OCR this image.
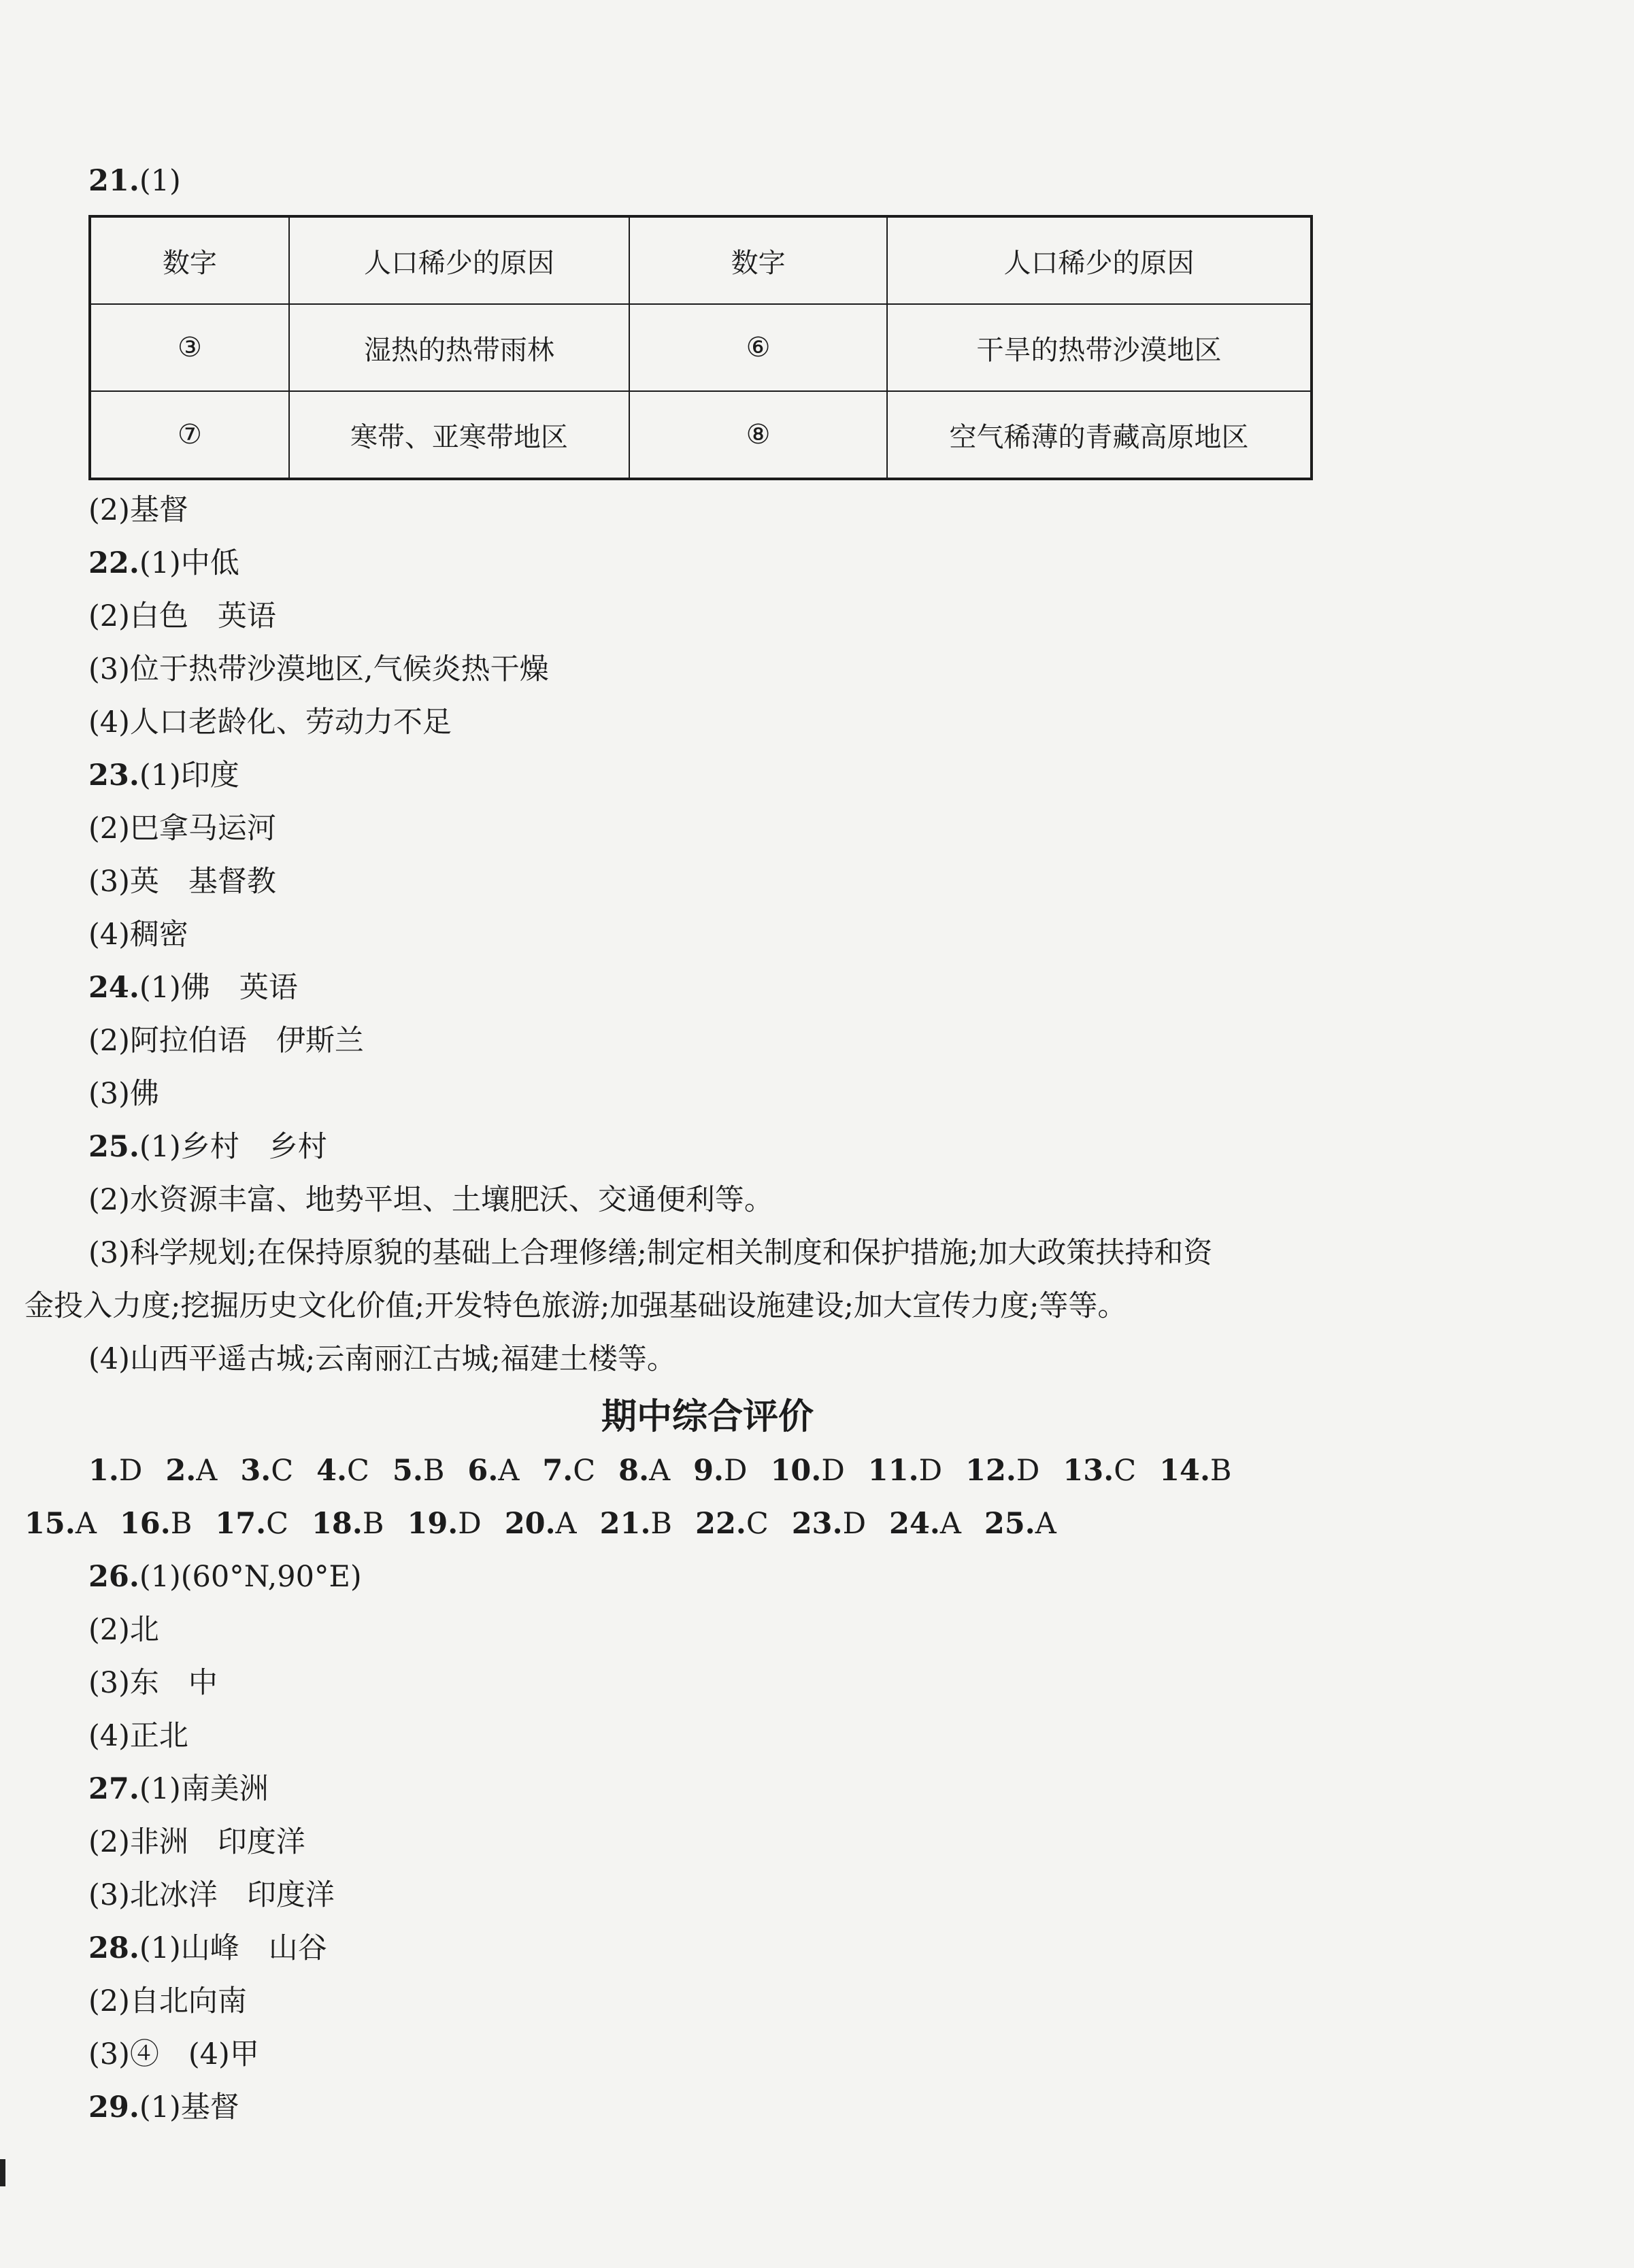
21.(1)
数字	人口稀少的原因	数字	人口稀少的原因
③	湿热的热带雨林	⑥	干旱的热带沙漠地区
⑦	寒带、亚寒带地区	⑧	空气稀薄的青藏高原地区
(2)基督
22.(1)中低
(2)白色　英语
(3)位于热带沙漠地区,气候炎热干燥
(4)人口老龄化、劳动力不足
23.(1)印度
(2)巴拿马运河
(3)英　基督教
(4)稠密
24.(1)佛　英语
(2)阿拉伯语　伊斯兰
(3)佛
25.(1)乡村　乡村
(2)水资源丰富、地势平坦、土壤肥沃、交通便利等。
(3)科学规划;在保持原貌的基础上合理修缮;制定相关制度和保护措施;加大政策扶持和资
金投入力度;挖掘历史文化价值;开发特色旅游;加强基础设施建设;加大宣传力度;等等。
(4)山西平遥古城;云南丽江古城;福建土楼等。
期中综合评价
1.D 2.A 3.C 4.C 5.B 6.A 7.C 8.A 9.D 10.D 11.D 12.D 13.C 14.B
15.A 16.B 17.C 18.B 19.D 20.A 21.B 22.C 23.D 24.A 25.A
26.(1)(60°N,90°E)
(2)北
(3)东　中
(4)正北
27.(1)南美洲
(2)非洲　印度洋
(3)北冰洋　印度洋
28.(1)山峰　山谷
(2)自北向南
(3)④　(4)甲
29.(1)基督
